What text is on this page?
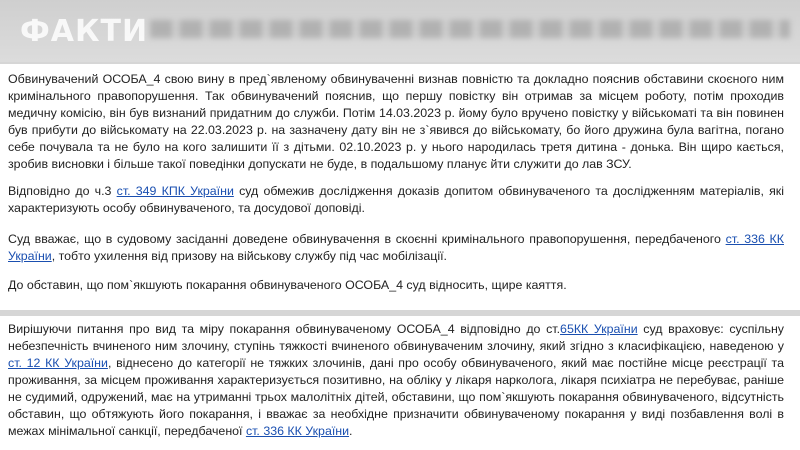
ФАКТИ

Обвинувачений ОСОБА_4 свою вину в пред`явленому обвинуваченні визнав повністю та докладно пояснив обставини скоєного ним кримінального правопорушення. Так обвинувачений пояснив, що першу повістку він отримав за місцем роботу, потім проходив медичну комісію, він був визнаний придатним до служби. Потім 14.03.2023 р. йому було вручено повістку у військоматі та він повинен був прибути до військомату на 22.03.2023 р. на зазначену дату він не з`явився до військомату, бо його дружина була вагітна, погано себе почувала та не було на кого залишити її з дітьми. 02.10.2023 р. у нього народилась третя дитина - донька. Він щиро кається, зробив висновки і більше такої поведінки допускати не буде, в подальшому планує йти служити до лав ЗСУ.

Відповідно до ч.3 ст. 349 КПК України суд обмежив дослідження доказів допитом обвинуваченого та дослідженням матеріалів, які характеризують особу обвинуваченого, та досудової доповіді.

Суд вважає, що в судовому засіданні доведене обвинувачення в скоєнні кримінального правопорушення, передбаченого ст. 336 КК України, тобто ухилення від призову на військову службу під час мобілізації.

До обставин, що пом`якшують покарання обвинуваченого ОСОБА_4 суд відносить, щире каяття.

Вирішуючи питання про вид та міру покарання обвинуваченому ОСОБА_4 відповідно до ст.65КК України суд враховує: суспільну небезпечність вчиненого ним злочину, ступінь тяжкості вчиненого обвинуваченим злочину, який згідно з класифікацією, наведеною у ст. 12 КК України, віднесено до категорії не тяжких злочинів, дані про особу обвинуваченого, який має постійне місце реєстрації та проживання, за місцем проживання характеризується позитивно, на обліку у лікаря нарколога, лікаря психіатра не перебуває, раніше не судимий, одружений, має на утриманні трьох малолітніх дітей, обставини, що пом`якшують покарання обвинуваченого, відсутність обставин, що обтяжують його покарання, і вважає за необхідне призначити обвинуваченому покарання у виді позбавлення волі в межах мінімальної санкції, передбаченої ст. 336 КК України.
